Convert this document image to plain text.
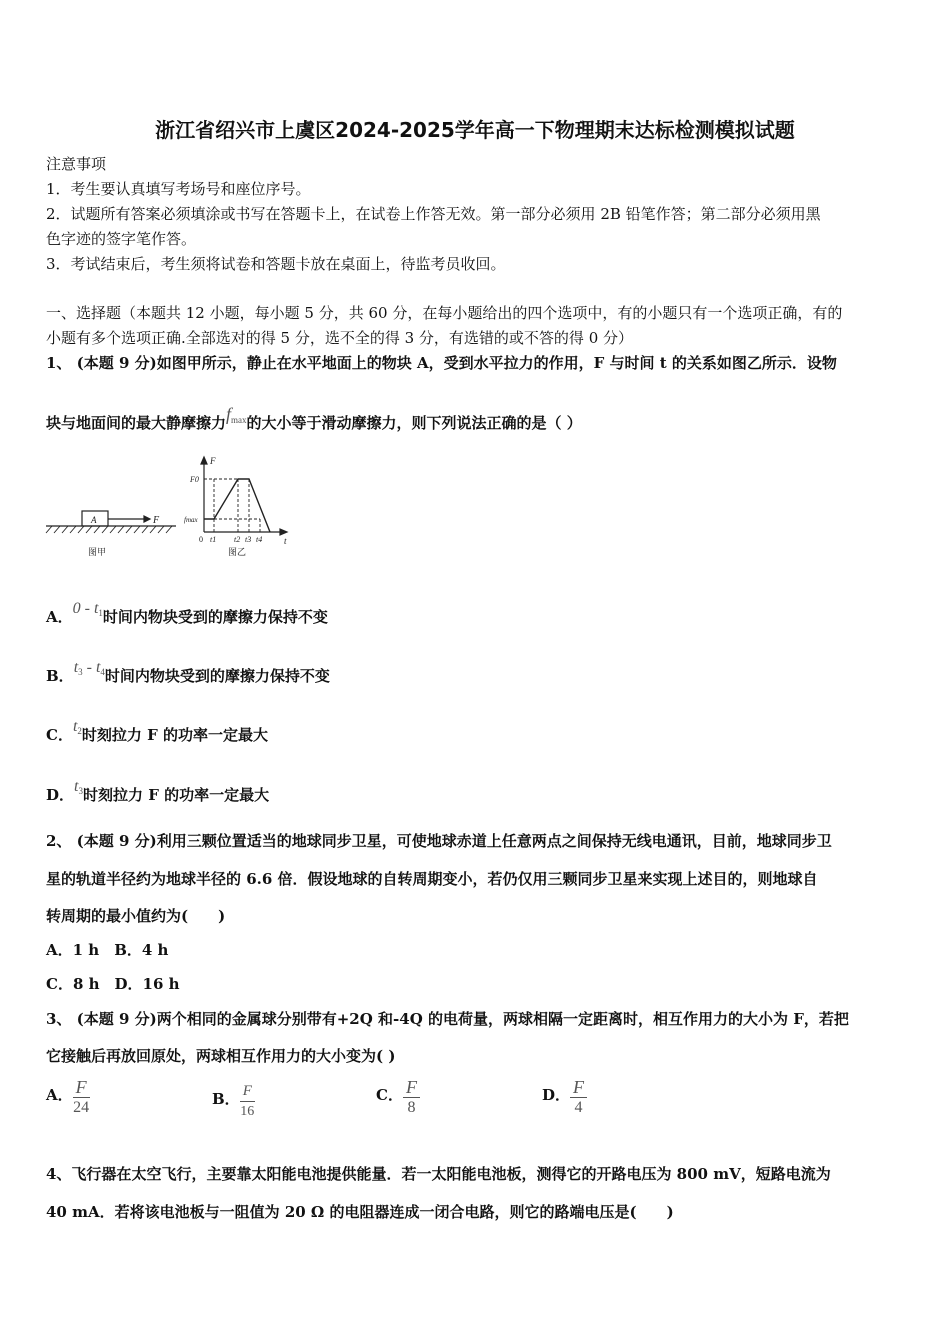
浙江省绍兴市上虞区2024-2025学年高一下物理期末达标检测模拟试题
注意事项
1．考生要认真填写考场号和座位序号。
2．试题所有答案必须填涂或书写在答题卡上，在试卷上作答无效。第一部分必须用 2B 铅笔作答；第二部分必须用黑
色字迹的签字笔作答。
3．考试结束后，考生须将试卷和答题卡放在桌面上，待监考员收回。
一、选择题（本题共 12 小题，每小题 5 分，共 60 分，在每小题给出的四个选项中，有的小题只有一个选项正确，有的
小题有多个选项正确.全部选对的得 5 分，选不全的得 3 分，有选错的或不答的得 0 分）
1、 (本题 9 分)如图甲所示，静止在水平地面上的物块 A，受到水平拉力的作用，F 与时间 t 的关系如图乙所示．设物
块与地面间的最大静摩擦力$f_{max}$的大小等于滑动摩擦力，则下列说法正确的是（ ）
A	F
图甲
F
t
F0
fmax
0 t1 t2 t3 t4
图乙
A．$0 - t_1$时间内物块受到的摩擦力保持不变
B．$t_3 - t_4$时间内物块受到的摩擦力保持不变
C．$t_2$时刻拉力 F 的功率一定最大
D．$t_3$时刻拉力 F 的功率一定最大
2、 (本题 9 分)利用三颗位置适当的地球同步卫星，可使地球赤道上任意两点之间保持无线电通讯，目前，地球同步卫
星的轨道半径约为地球半径的 6.6 倍．假设地球的自转周期变小，若仍仅用三颗同步卫星来实现上述目的，则地球自
转周期的最小值约为(　　)
A．1 h　B．4 h
C．8 h　D．16 h
3、 (本题 9 分)两个相同的金属球分别带有+2Q 和-4Q 的电荷量，两球相隔一定距离时，相互作用力的大小为 F，若把
它接触后再放回原处，两球相互作用力的大小变为( )
A． $\frac{F}{24}$	B． $\frac{F}{16}$	C． $\frac{F}{8}$	D． $\frac{F}{4}$
4、飞行器在太空飞行，主要靠太阳能电池提供能量．若一太阳能电池板，测得它的开路电压为 800 mV，短路电流为
40 mA．若将该电池板与一阻值为 20 Ω 的电阻器连成一闭合电路，则它的路端电压是(　　)
